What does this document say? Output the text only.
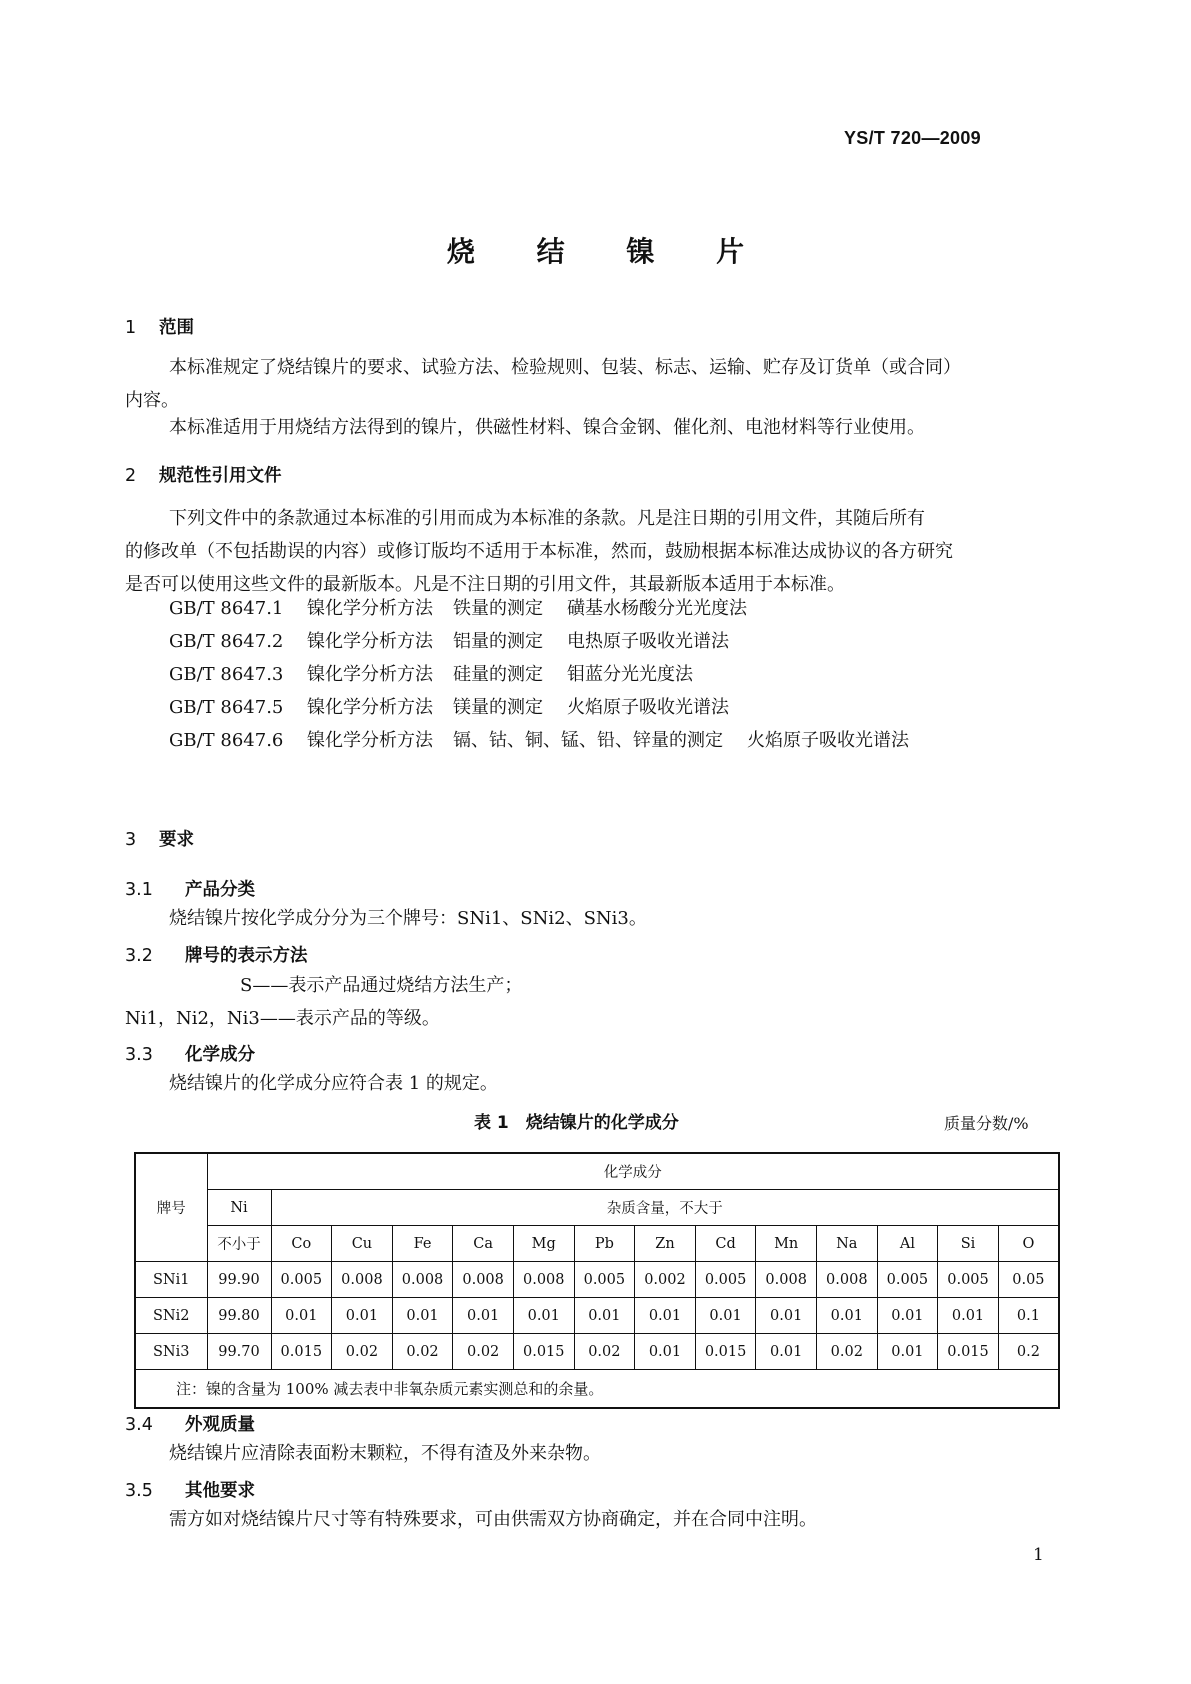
YS/T 720—2009
烧 结 镍 片
1 范围
本标准规定了烧结镍片的要求、试验方法、检验规则、包装、标志、运输、贮存及订货单（或合同）
内容。
本标准适用于用烧结方法得到的镍片，供磁性材料、镍合金钢、催化剂、电池材料等行业使用。
2 规范性引用文件
下列文件中的条款通过本标准的引用而成为本标准的条款。凡是注日期的引用文件，其随后所有
的修改单（不包括勘误的内容）或修订版均不适用于本标准，然而，鼓励根据本标准达成协议的各方研究
是否可以使用这些文件的最新版本。凡是不注日期的引用文件，其最新版本适用于本标准。
GB/T 8647.1 镍化学分析方法 铁量的测定 磺基水杨酸分光光度法
GB/T 8647.2 镍化学分析方法 铝量的测定 电热原子吸收光谱法
GB/T 8647.3 镍化学分析方法 硅量的测定 钼蓝分光光度法
GB/T 8647.5 镍化学分析方法 镁量的测定 火焰原子吸收光谱法
GB/T 8647.6 镍化学分析方法 镉、钴、铜、锰、铅、锌量的测定 火焰原子吸收光谱法
3 要求
3.1 产品分类
烧结镍片按化学成分分为三个牌号：SNi1、SNi2、SNi3。
3.2 牌号的表示方法
S——表示产品通过烧结方法生产；
Ni1，Ni2，Ni3——表示产品的等级。
3.3 化学成分
烧结镍片的化学成分应符合表 1 的规定。
表 1　烧结镍片的化学成分	质量分数/%
牌号	化学成分													
	Ni	杂质含量，不大于												
	不小于	Co	Cu	Fe	Ca	Mg	Pb	Zn	Cd	Mn	Na	Al	Si	O
SNi1	99.90	0.005	0.008	0.008	0.008	0.008	0.005	0.002	0.005	0.008	0.008	0.005	0.005	0.05
SNi2	99.80	0.01	0.01	0.01	0.01	0.01	0.01	0.01	0.01	0.01	0.01	0.01	0.01	0.1
SNi3	99.70	0.015	0.02	0.02	0.02	0.015	0.02	0.01	0.015	0.01	0.02	0.01	0.015	0.2
注：镍的含量为 100% 减去表中非氧杂质元素实测总和的余量。														
3.4 外观质量
烧结镍片应清除表面粉末颗粒，不得有渣及外来杂物。
3.5 其他要求
需方如对烧结镍片尺寸等有特殊要求，可由供需双方协商确定，并在合同中注明。
1
